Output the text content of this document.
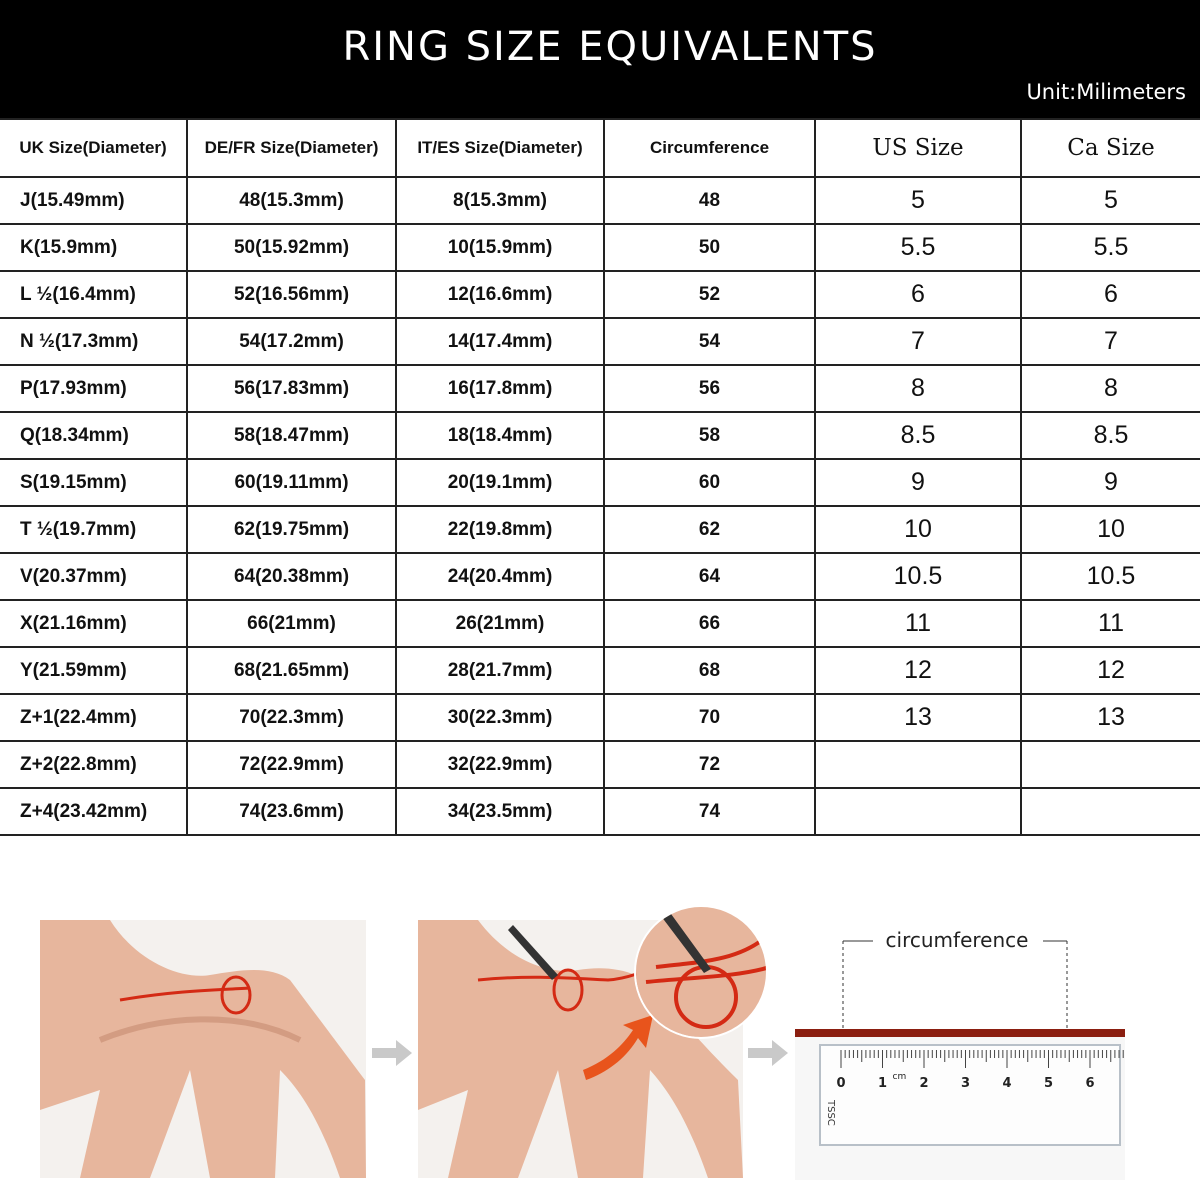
RING SIZE EQUIVALENTS
Unit:Milimeters
UK Size(Diameter)	DE/FR Size(Diameter)	IT/ES Size(Diameter)	Circumference	US Size	Ca Size
J(15.49mm)	48(15.3mm)	8(15.3mm)	48	5	5
K(15.9mm)	50(15.92mm)	10(15.9mm)	50	5.5	5.5
L ½(16.4mm)	52(16.56mm)	12(16.6mm)	52	6	6
N ½(17.3mm)	54(17.2mm)	14(17.4mm)	54	7	7
P(17.93mm)	56(17.83mm)	16(17.8mm)	56	8	8
Q(18.34mm)	58(18.47mm)	18(18.4mm)	58	8.5	8.5
S(19.15mm)	60(19.11mm)	20(19.1mm)	60	9	9
T ½(19.7mm)	62(19.75mm)	22(19.8mm)	62	10	10
V(20.37mm)	64(20.38mm)	24(20.4mm)	64	10.5	10.5
X(21.16mm)	66(21mm)	26(21mm)	66	11	11
Y(21.59mm)	68(21.65mm)	28(21.7mm)	68	12	12
Z+1(22.4mm)	70(22.3mm)	30(22.3mm)	70	13	13
Z+2(22.8mm)	72(22.9mm)	32(22.9mm)	72		
Z+4(23.42mm)	74(23.6mm)	34(23.5mm)	74		
circumference
0 1 2 3 4 5 6
cm
TSSC
